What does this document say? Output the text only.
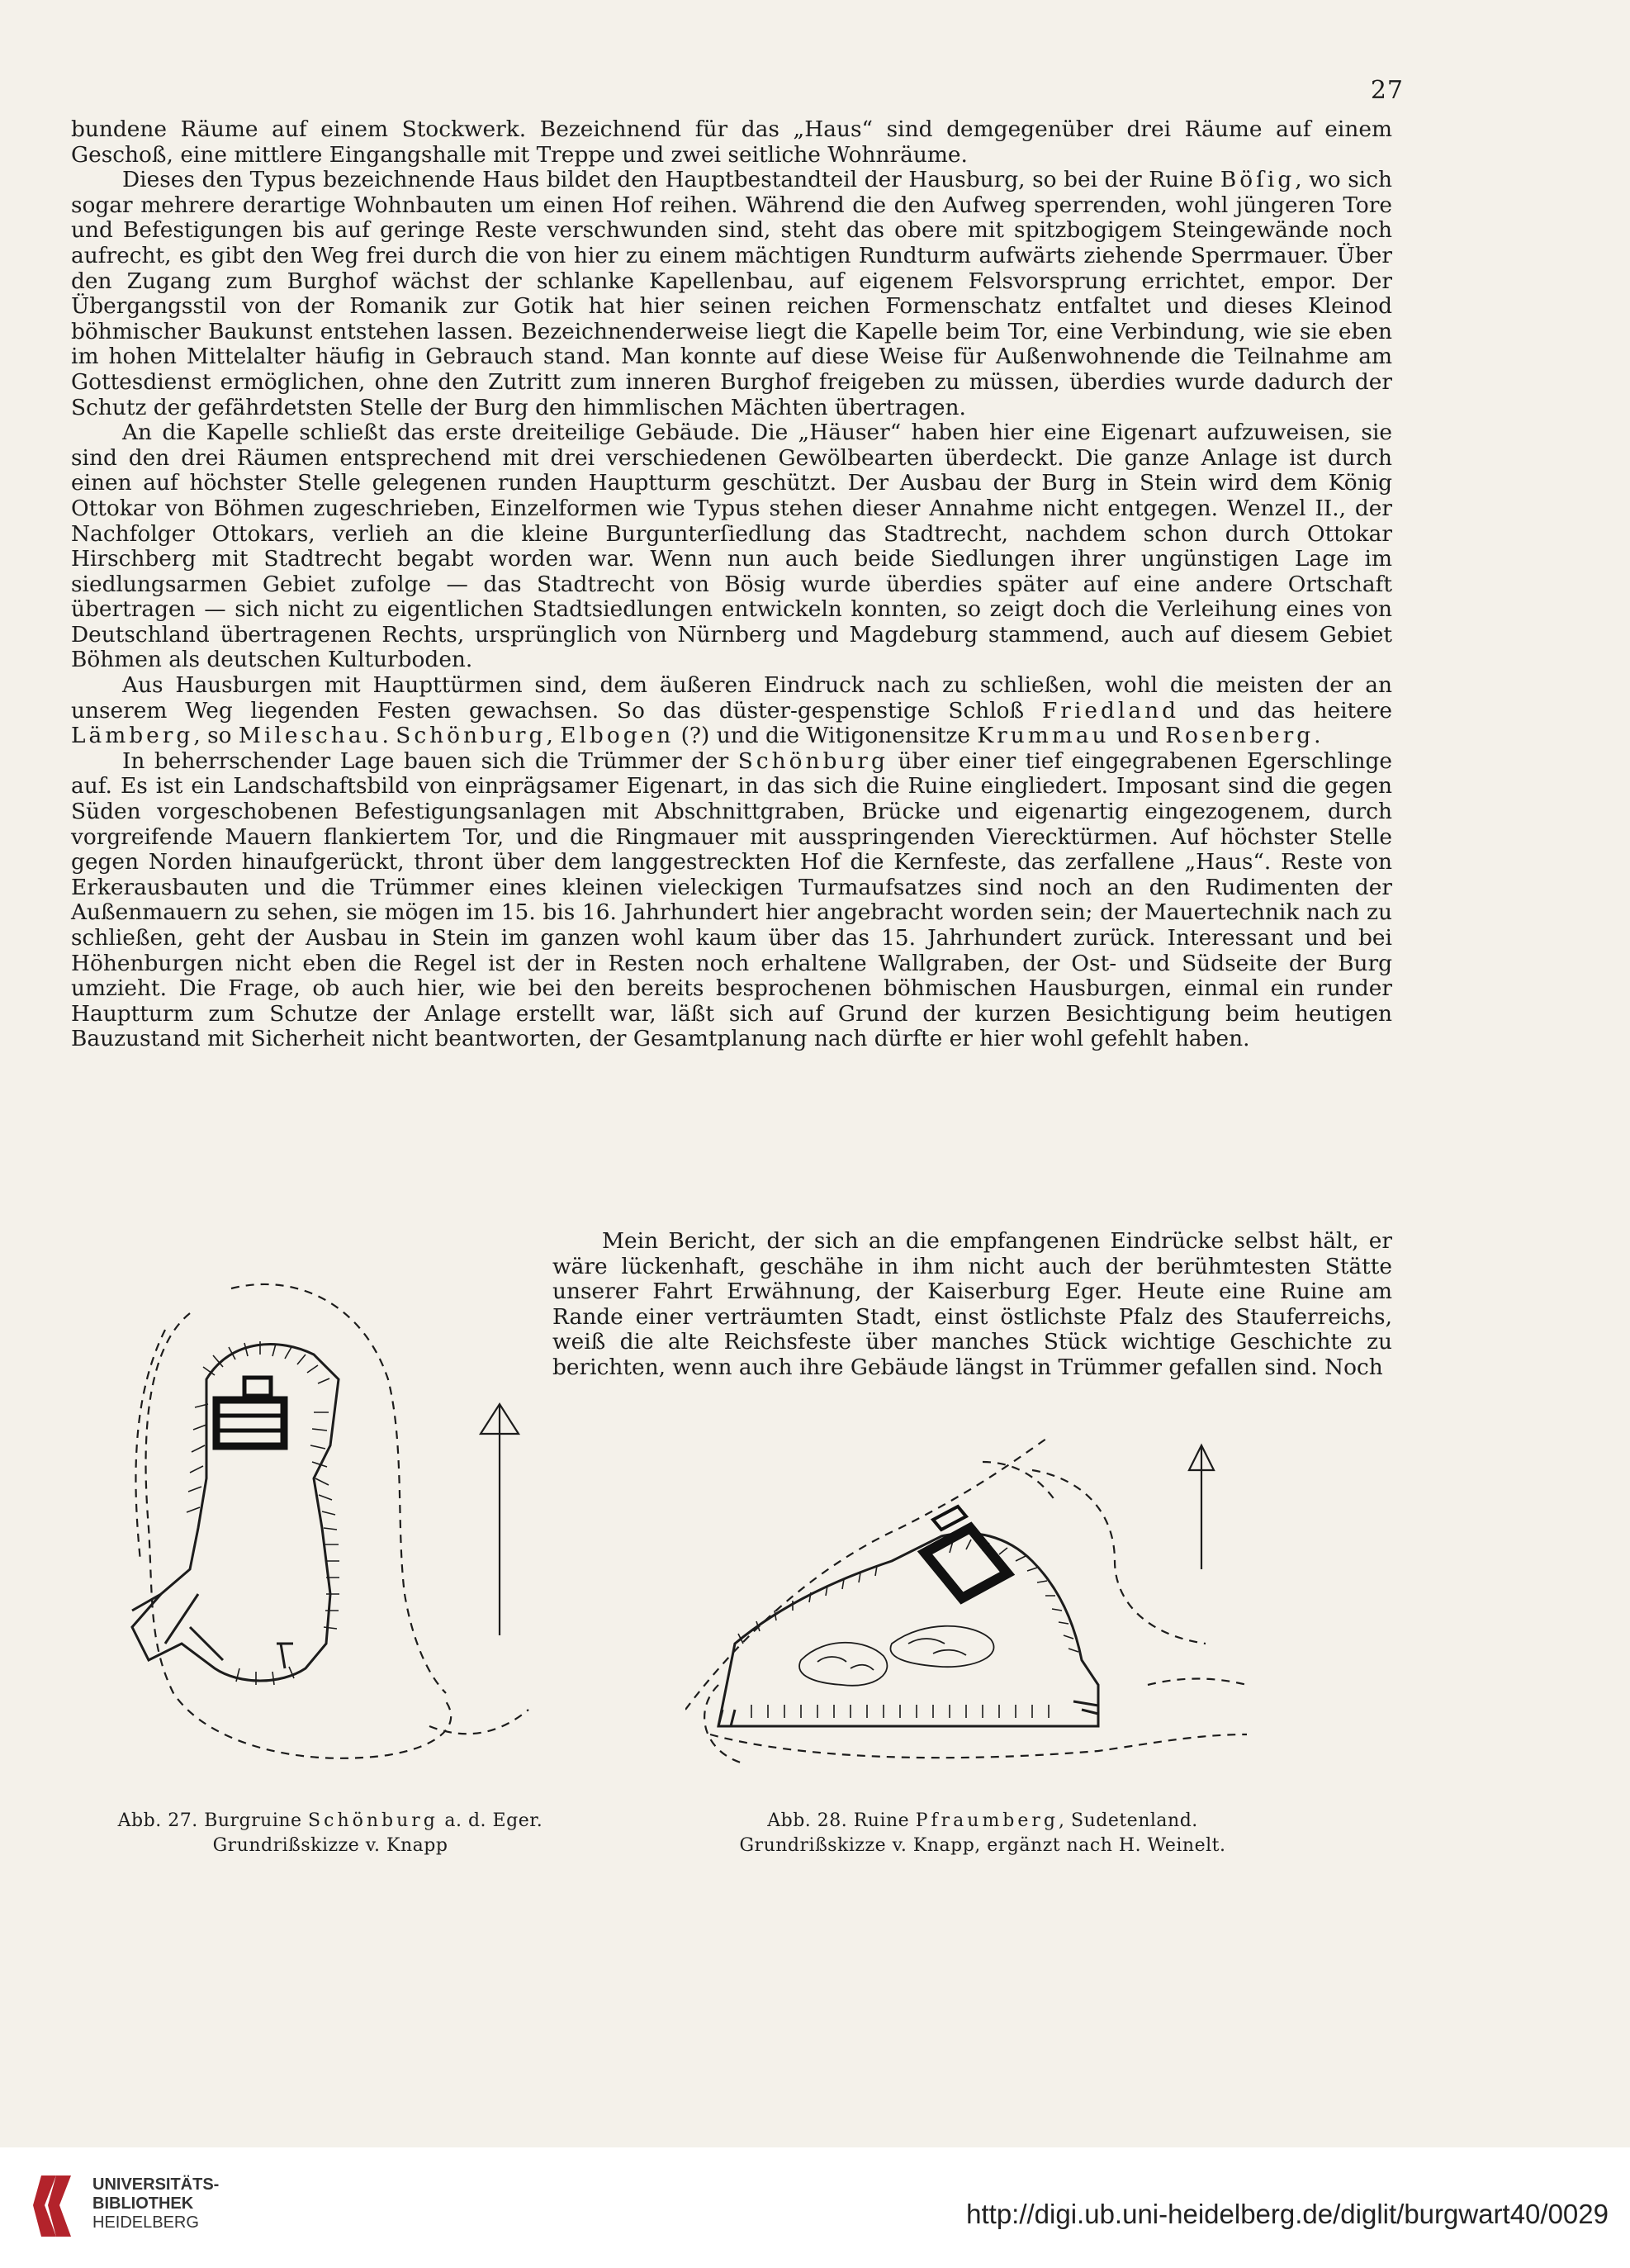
27

bundene Räume auf einem Stockwerk. Bezeichnend für das „Haus“ sind demgegenüber drei Räume auf einem Geschoß, eine mittlere Eingangshalle mit Treppe und zwei seitliche Wohnräume.

Dieses den Typus bezeichnende Haus bildet den Hauptbestandteil der Hausburg, so bei der Ruine Böſig, wo sich sogar mehrere derartige Wohnbauten um einen Hof reihen. Während die den Aufweg sperrenden, wohl jüngeren Tore und Befestigungen bis auf geringe Reste verschwunden sind, steht das obere mit spitzbogigem Steingewände noch aufrecht, es gibt den Weg frei durch die von hier zu einem mächtigen Rundturm aufwärts ziehende Sperrmauer. Über den Zugang zum Burghof wächst der schlanke Kapellenbau, auf eigenem Felsvorsprung errichtet, empor. Der Übergangsstil von der Romanik zur Gotik hat hier seinen reichen Formenschatz entfaltet und dieses Kleinod böhmischer Baukunst entstehen lassen. Bezeichnenderweise liegt die Kapelle beim Tor, eine Verbindung, wie sie eben im hohen Mittelalter häufig in Gebrauch stand. Man konnte auf diese Weise für Außenwohnende die Teilnahme am Gottesdienst ermöglichen, ohne den Zutritt zum inneren Burghof freigeben zu müssen, überdies wurde dadurch der Schutz der gefährdetsten Stelle der Burg den himmlischen Mächten übertragen.

An die Kapelle schließt das erste dreiteilige Gebäude. Die „Häuser“ haben hier eine Eigenart aufzuweisen, sie sind den drei Räumen entsprechend mit drei verschiedenen Gewölbearten überdeckt. Die ganze Anlage ist durch einen auf höchster Stelle gelegenen runden Hauptturm geschützt. Der Ausbau der Burg in Stein wird dem König Ottokar von Böhmen zugeschrieben, Einzelformen wie Typus stehen dieser Annahme nicht entgegen. Wenzel II., der Nachfolger Ottokars, verlieh an die kleine Burgunterſiedlung das Stadtrecht, nachdem schon durch Ottokar Hirschberg mit Stadtrecht begabt worden war. Wenn nun auch beide Siedlungen ihrer ungünstigen Lage im siedlungsarmen Gebiet zufolge — das Stadtrecht von Bösig wurde überdies später auf eine andere Ortschaft übertragen — sich nicht zu eigentlichen Stadtsiedlungen entwickeln konnten, so zeigt doch die Verleihung eines von Deutschland übertragenen Rechts, ursprünglich von Nürnberg und Magdeburg stammend, auch auf diesem Gebiet Böhmen als deutschen Kulturboden.

Aus Hausburgen mit Haupttürmen sind, dem äußeren Eindruck nach zu schließen, wohl die meisten der an unserem Weg liegenden Festen gewachsen. So das düster-gespenstige Schloß Friedland und das heitere Lämberg, so Mileschau. Schönburg, Elbogen (?) und die Witigonensitze Krummau und Rosenberg.

In beherrschender Lage bauen sich die Trümmer der Schönburg über einer tief eingegrabenen Egerschlinge auf. Es ist ein Landschaftsbild von einprägsamer Eigenart, in das sich die Ruine eingliedert. Imposant sind die gegen Süden vorgeschobenen Befestigungsanlagen mit Abschnittgraben, Brücke und eigenartig eingezogenem, durch vorgreifende Mauern flankiertem Tor, und die Ringmauer mit ausspringenden Vierecktürmen. Auf höchster Stelle gegen Norden hinaufgerückt, thront über dem langgestreckten Hof die Kernfeste, das zerfallene „Haus“. Reste von Erkerausbauten und die Trümmer eines kleinen vieleckigen Turmaufsatzes sind noch an den Rudimenten der Außenmauern zu sehen, sie mögen im 15. bis 16. Jahrhundert hier angebracht worden sein; der Mauertechnik nach zu schließen, geht der Ausbau in Stein im ganzen wohl kaum über das 15. Jahrhundert zurück. Interessant und bei Höhenburgen nicht eben die Regel ist der in Resten noch erhaltene Wallgraben, der Ost- und Südseite der Burg umzieht. Die Frage, ob auch hier, wie bei den bereits besprochenen böhmischen Hausburgen, einmal ein runder Hauptturm zum Schutze der Anlage erstellt war, läßt sich auf Grund der kurzen Besichtigung beim heutigen Bauzustand mit Sicherheit nicht beantworten, der Gesamtplanung nach dürfte er hier wohl gefehlt haben.

Mein Bericht, der sich an die empfangenen Eindrücke selbst hält, er wäre lückenhaft, geschähe in ihm nicht auch der berühmtesten Stätte unserer Fahrt Erwähnung, der Kaiserburg Eger. Heute eine Ruine am Rande einer verträumten Stadt, einst östlichste Pfalz des Stauferreichs, weiß die alte Reichsfeste über manches Stück wichtige Geschichte zu berichten, wenn auch ihre Gebäude längst in Trümmer gefallen sind. Noch

Abb. 27. Burgruine Schönburg a. d. Eger.
Grundrißskizze v. Knapp
Abb. 28. Ruine Pfraumberg, Sudetenland.
Grundrißskizze v. Knapp, ergänzt nach H. Weinelt.
UNIVERSITÄTS-
BIBLIOTHEK
HEIDELBERG	http://digi.ub.uni-heidelberg.de/diglit/burgwart40/0029
